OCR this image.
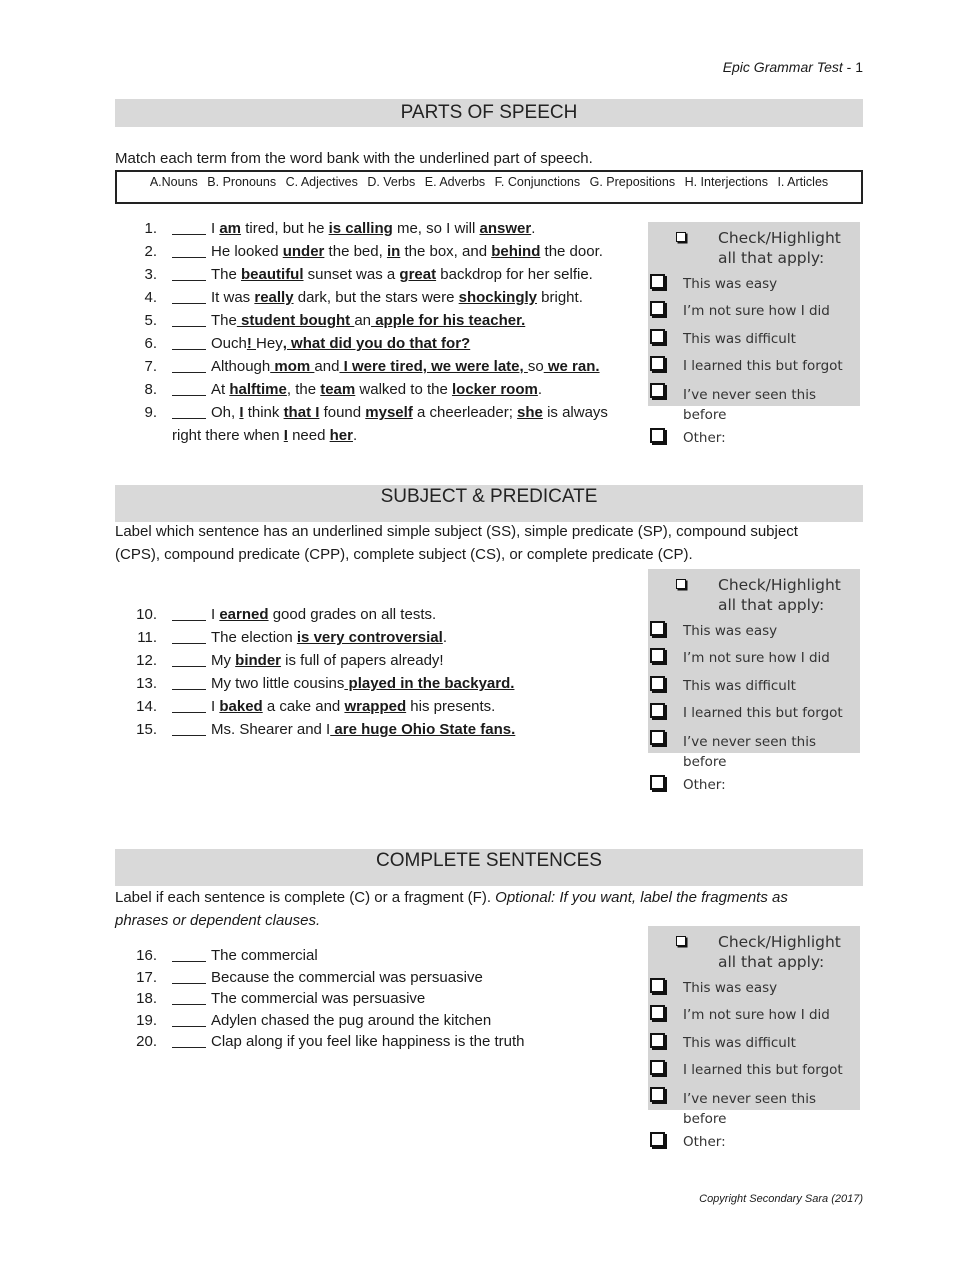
Epic Grammar Test - 1
PARTS OF SPEECH
Match each term from the word bank with the underlined part of speech.
A.Nouns B. Pronouns C. Adjectives D. Verbs E. Adverbs F. Conjunctions G. Prepositions H. Interjections I. Articles
1.	I am tired, but he is calling me, so I will answer.
2.	He looked under the bed, in the box, and behind the door.
3.	The beautiful sunset was a great backdrop for her selfie.
4.	It was really dark, but the stars were shockingly bright.
5.	The student bought an apple for his teacher.
6.	Ouch! Hey, what did you do that for?
7.	Although mom and I were tired, we were late, so we ran.
8.	At halftime, the team walked to the locker room.
9.	Oh, I think that I found myself a cheerleader; she is always
right there when I need her.
SUBJECT & PREDICATE
Label which sentence has an underlined simple subject (SS), simple predicate (SP), compound subject (CPS), compound predicate (CPP), complete subject (CS), or complete predicate (CP).
10.	I earned good grades on all tests.
11.	The election is very controversial.
12.	My binder is full of papers already!
13.	My two little cousins played in the backyard.
14.	I baked a cake and wrapped his presents.
15.	Ms. Shearer and I are huge Ohio State fans.
COMPLETE SENTENCES
Label if each sentence is complete (C) or a fragment (F). Optional: If you want, label the fragments as phrases or dependent clauses.
16.	The commercial
17.	Because the commercial was persuasive
18.	The commercial was persuasive
19.	Adylen chased the pug around the kitchen
20.	Clap along if you feel like happiness is the truth
Check/Highlight
all that apply:
This was easy
I’m not sure how I did
This was difficult
I learned this but forgot
I’ve never seen this
before
Other:
Check/Highlight
all that apply:
This was easy
I’m not sure how I did
This was difficult
I learned this but forgot
I’ve never seen this
before
Other:
Check/Highlight
all that apply:
This was easy
I’m not sure how I did
This was difficult
I learned this but forgot
I’ve never seen this
before
Other:
Copyright Secondary Sara (2017)
